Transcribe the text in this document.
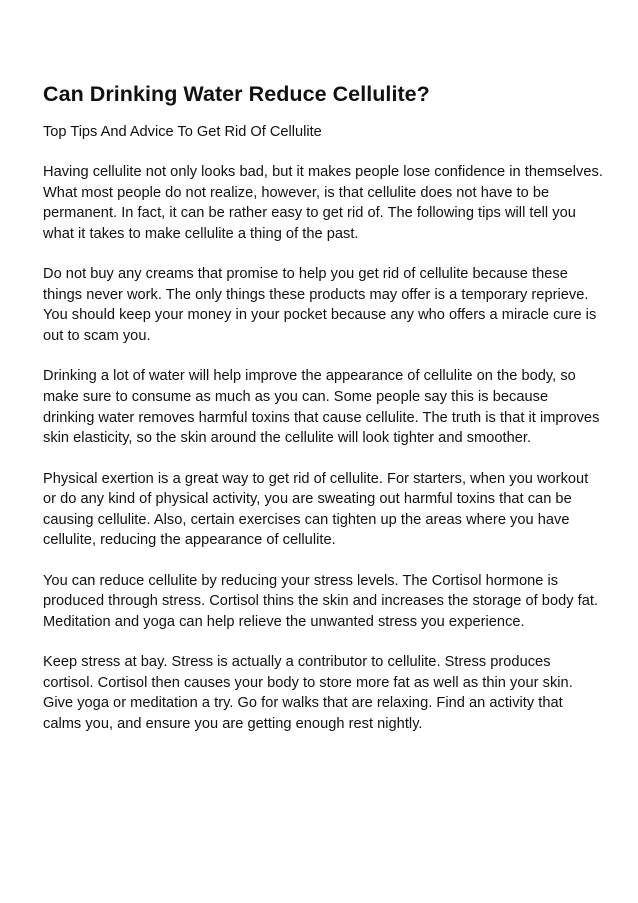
Can Drinking Water Reduce Cellulite?

Top Tips And Advice To Get Rid Of Cellulite

Having cellulite not only looks bad, but it makes people lose confidence in themselves. What most people do not realize, however, is that cellulite does not have to be permanent. In fact, it can be rather easy to get rid of. The following tips will tell you what it takes to make cellulite a thing of the past.

Do not buy any creams that promise to help you get rid of cellulite because these things never work. The only things these products may offer is a temporary reprieve. You should keep your money in your pocket because any who offers a miracle cure is out to scam you.

Drinking a lot of water will help improve the appearance of cellulite on the body, so make sure to consume as much as you can. Some people say this is because drinking water removes harmful toxins that cause cellulite. The truth is that it improves skin elasticity, so the skin around the cellulite will look tighter and smoother.

Physical exertion is a great way to get rid of cellulite. For starters, when you workout or do any kind of physical activity, you are sweating out harmful toxins that can be causing cellulite. Also, certain exercises can tighten up the areas where you have cellulite, reducing the appearance of cellulite.

You can reduce cellulite by reducing your stress levels. The Cortisol hormone is produced through stress. Cortisol thins the skin and increases the storage of body fat. Meditation and yoga can help relieve the unwanted stress you experience.

Keep stress at bay. Stress is actually a contributor to cellulite. Stress produces cortisol. Cortisol then causes your body to store more fat as well as thin your skin. Give yoga or meditation a try. Go for walks that are relaxing. Find an activity that calms you, and ensure you are getting enough rest nightly.
